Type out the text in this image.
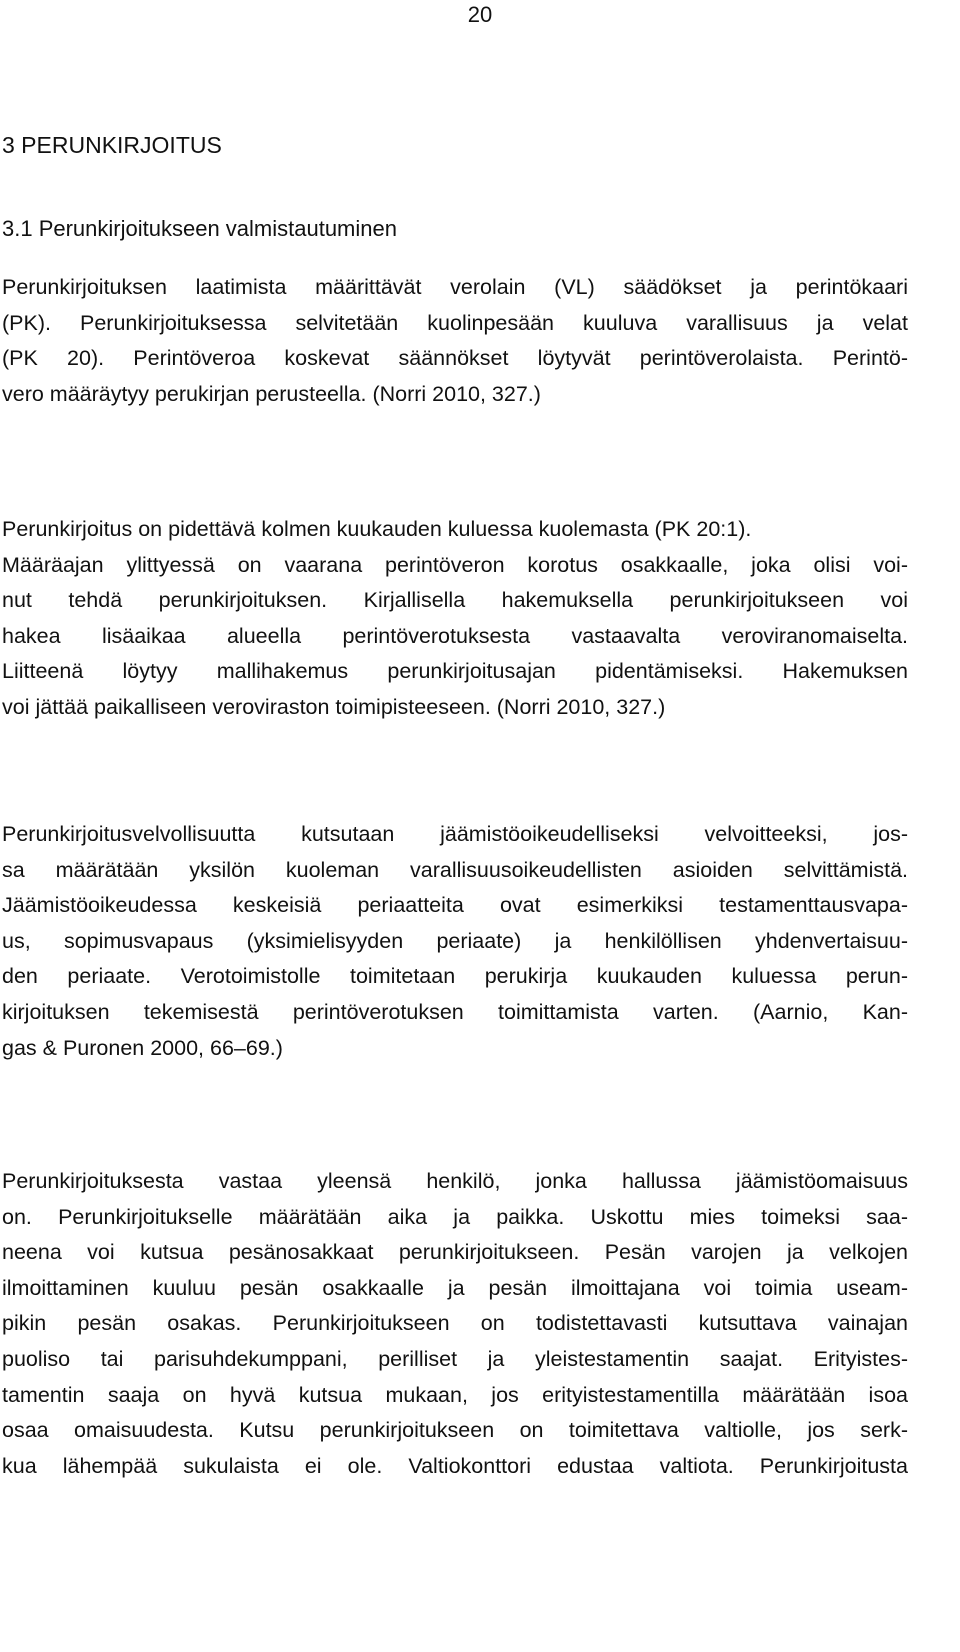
20
3 PERUNKIRJOITUS
3.1 Perunkirjoitukseen valmistautuminen
Perunkirjoituksen laatimista määrittävät verolain (VL) säädökset ja perintökaari
(PK). Perunkirjoituksessa selvitetään kuolinpesään kuuluva varallisuus ja velat
(PK 20). Perintöveroa koskevat säännökset löytyvät perintöverolaista. Perintö-
vero määräytyy perukirjan perusteella. (Norri 2010, 327.)
Perunkirjoitus on pidettävä kolmen kuukauden kuluessa kuolemasta (PK 20:1).
Määräajan ylittyessä on vaarana perintöveron korotus osakkaalle, joka olisi voi-
nut tehdä perunkirjoituksen. Kirjallisella hakemuksella perunkirjoitukseen voi
hakea lisäaikaa alueella perintöverotuksesta vastaavalta veroviranomaiselta.
Liitteenä löytyy mallihakemus perunkirjoitusajan pidentämiseksi. Hakemuksen
voi jättää paikalliseen veroviraston toimipisteeseen. (Norri 2010, 327.)
Perunkirjoitusvelvollisuutta kutsutaan jäämistöoikeudelliseksi velvoitteeksi, jos-
sa määrätään yksilön kuoleman varallisuusoikeudellisten asioiden selvittämistä.
Jäämistöoikeudessa keskeisiä periaatteita ovat esimerkiksi testamenttausvapa-
us, sopimusvapaus (yksimielisyyden periaate) ja henkilöllisen yhdenvertaisuu-
den periaate. Verotoimistolle toimitetaan perukirja kuukauden kuluessa perun-
kirjoituksen tekemisestä perintöverotuksen toimittamista varten. (Aarnio, Kan-
gas & Puronen 2000, 66–69.)
Perunkirjoituksesta vastaa yleensä henkilö, jonka hallussa jäämistöomaisuus
on. Perunkirjoitukselle määrätään aika ja paikka. Uskottu mies toimeksi saa-
neena voi kutsua pesänosakkaat perunkirjoitukseen. Pesän varojen ja velkojen
ilmoittaminen kuuluu pesän osakkaalle ja pesän ilmoittajana voi toimia useam-
pikin pesän osakas. Perunkirjoitukseen on todistettavasti kutsuttava vainajan
puoliso tai parisuhdekumppani, perilliset ja yleistestamentin saajat. Erityistes-
tamentin saaja on hyvä kutsua mukaan, jos erityistestamentilla määrätään isoa
osaa omaisuudesta. Kutsu perunkirjoitukseen on toimitettava valtiolle, jos serk-
kua lähempää sukulaista ei ole. Valtiokonttori edustaa valtiota. Perunkirjoitusta
